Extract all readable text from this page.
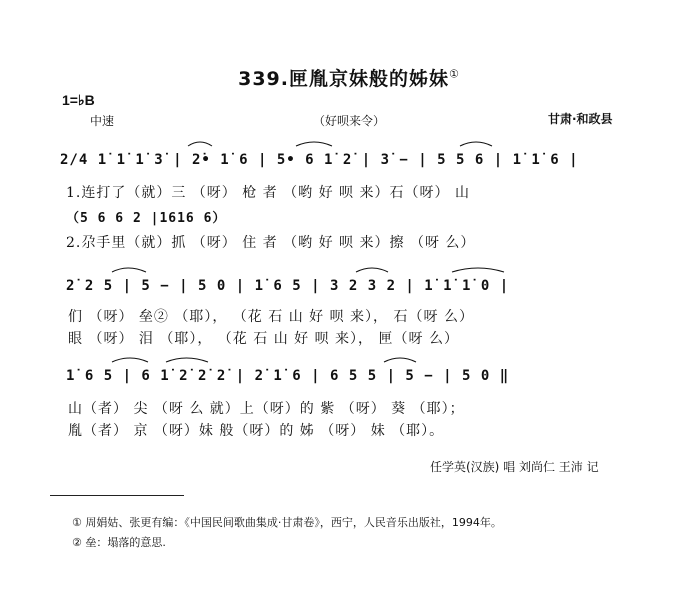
339.匣胤京妹般的姊妹①
1=♭B
中速	（好呗来令）	甘肃·和政县
2/4 1̇ 1̇ 1̇ 3̇ | 2̇• 1̇ 6 | 5• 6 1̇ 2̇ | 3̇ − | 5 5 6 | 1̇ 1̇ 6 |
1.连打了（就）三 （呀） 枪 者 （哟 好 呗 来）石（呀） 山
（5 6 6 2 |1616 6）
2.尕手里（就）抓 （呀） 住 者 （哟 好 呗 来）擦 （呀 么）
2̇ 2 5 | 5 − | 5 0 | 1̇ 6 5 | 3 2 3 2 | 1̇ 1̇ 1̇ 0 |
们 （呀） 垒② （耶）， （花 石 山 好 呗 来）， 石（呀 么）
眼 （呀） 泪 （耶）， （花 石 山 好 呗 来）， 匣（呀 么）
1̇ 6 5 | 6 1̇ 2̇ 2̇ 2̇ | 2̇ 1̇ 6 | 6 5 5 | 5 − | 5 0 ‖
山（者） 尖 （呀 么 就）上（呀）的 紫 （呀） 葵 （耶）；
胤（者） 京 （呀）妹 般（呀）的 姊 （呀） 妹 （耶）。
任学英(汉族) 唱 刘尚仁 王沛 记
① 周娟姑、张更有编：《中国民间歌曲集成·甘肃卷》，西宁，人民音乐出版社，1994年。
② 垒：塌落的意思.
